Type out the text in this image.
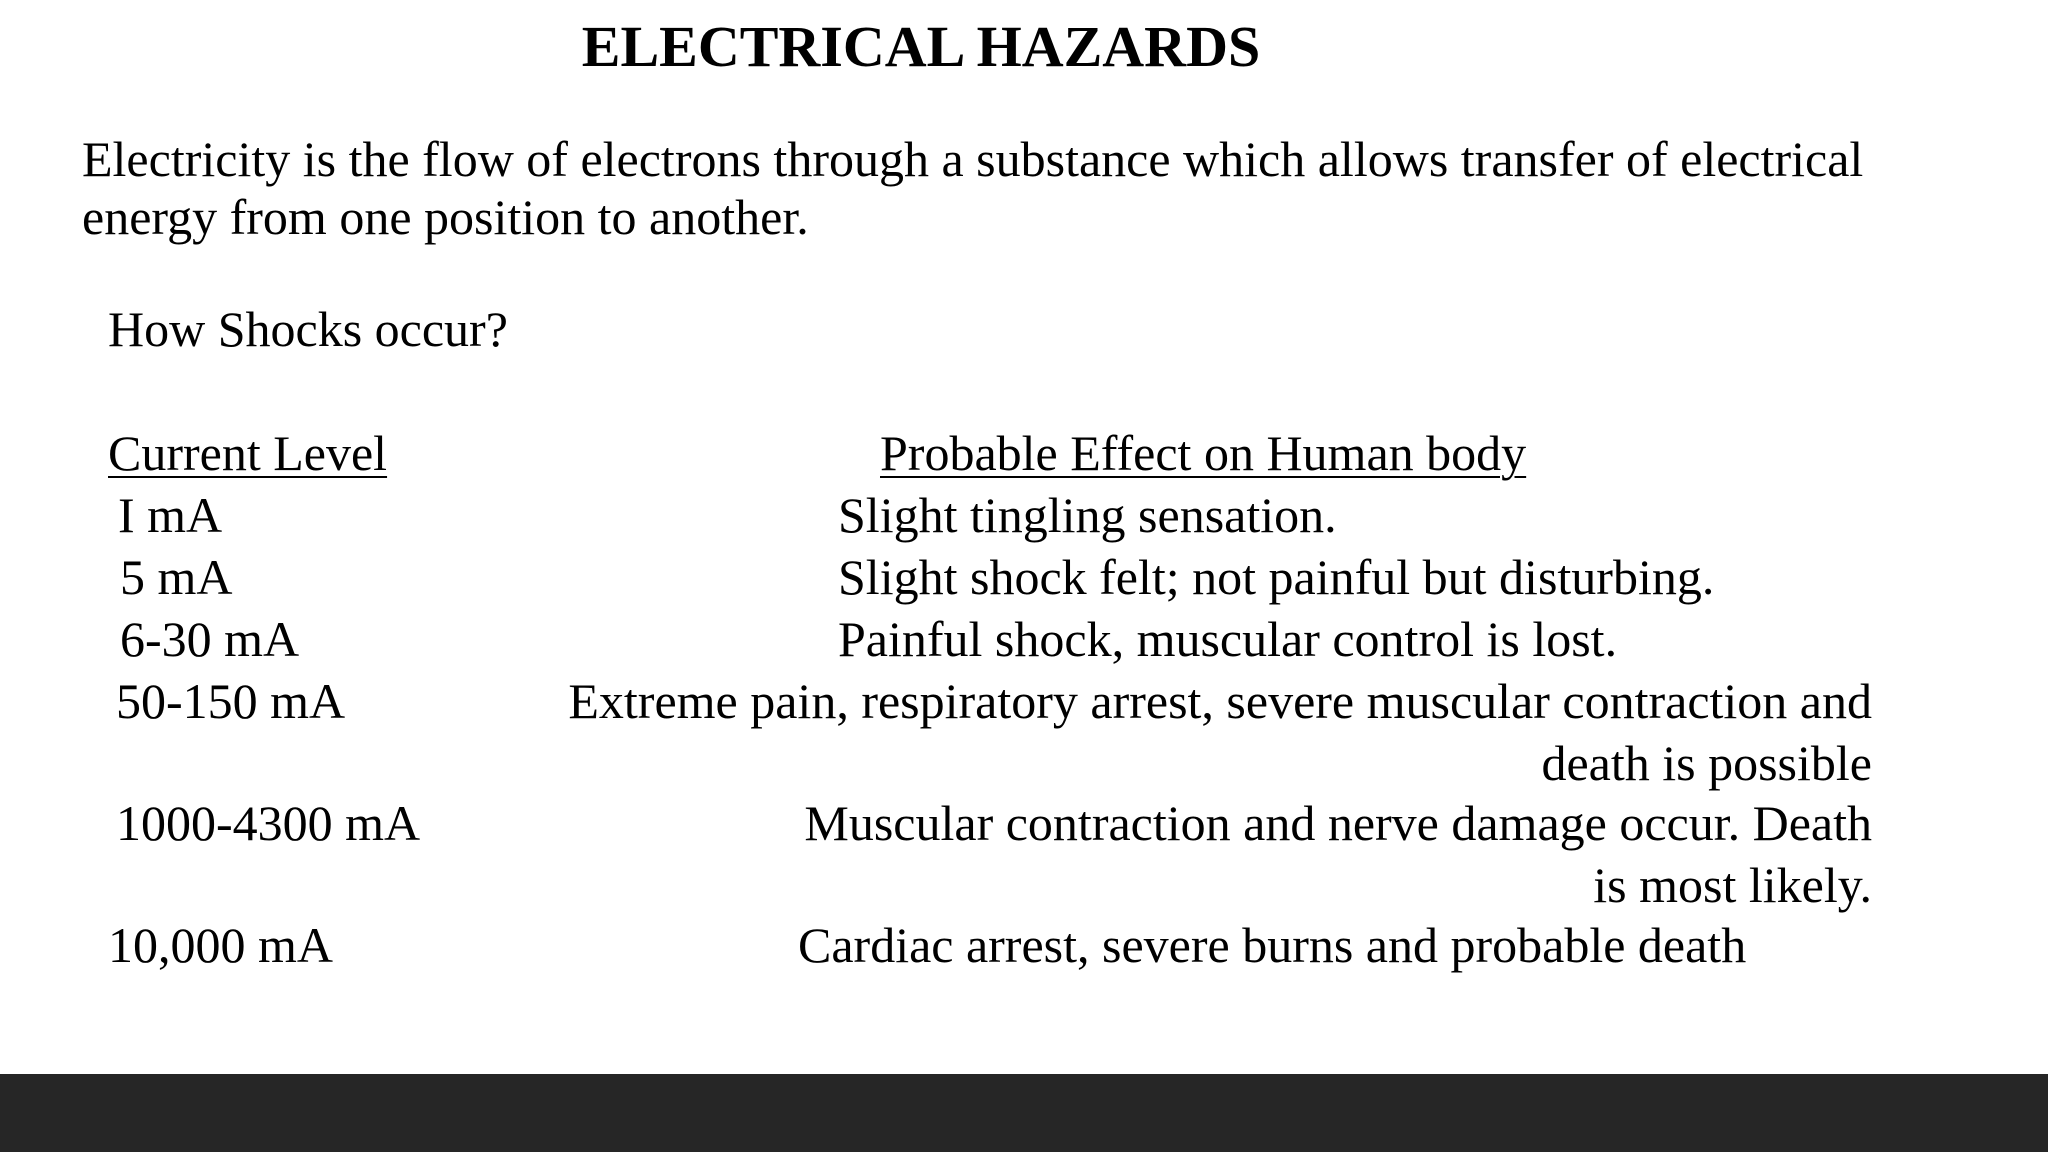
ELECTRICAL HAZARDS
Electricity is the flow of electrons through a substance which allows transfer of electrical
energy from one position to another.
How Shocks occur?
Current Level	Probable Effect on Human body
I mA	Slight tingling sensation.
5 mA	Slight shock felt; not painful but disturbing.
6-30 mA	Painful shock, muscular control is lost.
50-150 mA	Extreme pain, respiratory arrest, severe muscular contraction and
death is possible
1000-4300 mA	Muscular contraction and nerve damage occur. Death
is most likely.
10,000 mA	Cardiac arrest, severe burns and probable death
